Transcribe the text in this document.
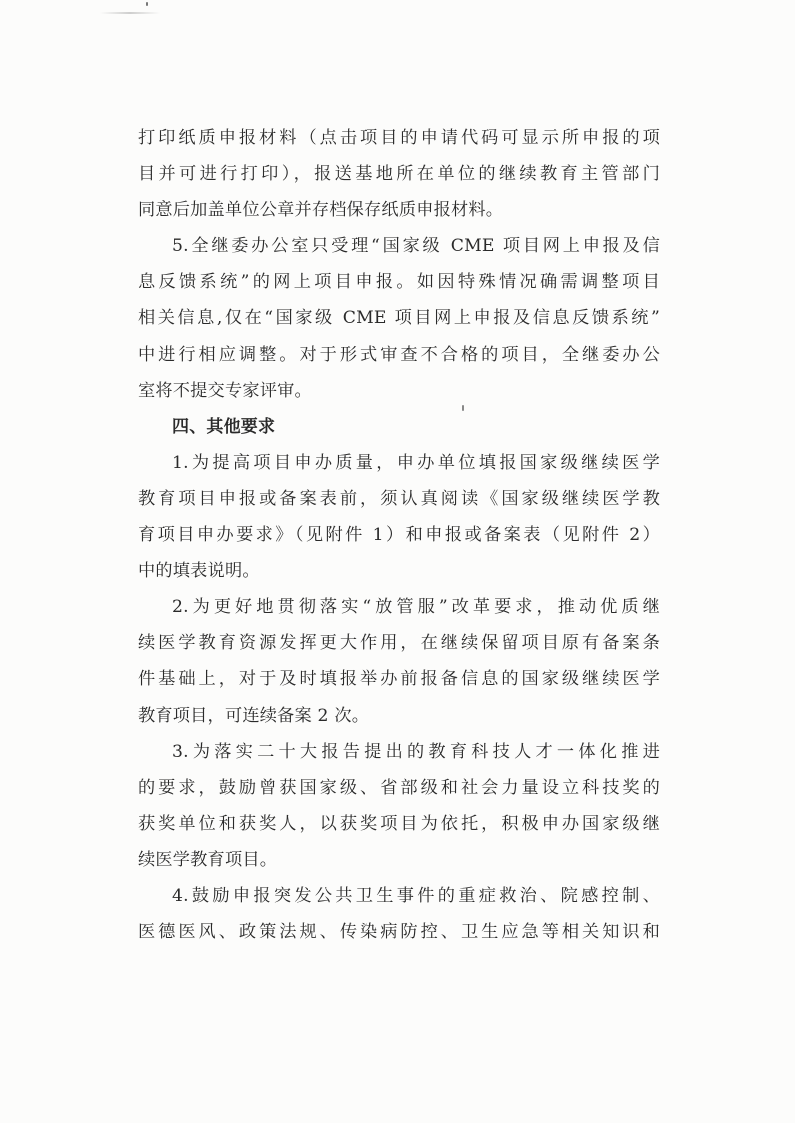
打印纸质申报材料（点击项目的申请代码可显示所申报的项
目并可进行打印），报送基地所在单位的继续教育主管部门
同意后加盖单位公章并存档保存纸质申报材料。
5.全继委办公室只受理“国家级 CME 项目网上申报及信
息反馈系统”的网上项目申报。如因特殊情况确需调整项目
相关信息,仅在“国家级 CME 项目网上申报及信息反馈系统”
中进行相应调整。对于形式审查不合格的项目，全继委办公
室将不提交专家评审。
四、其他要求
1.为提高项目申办质量，申办单位填报国家级继续医学
教育项目申报或备案表前，须认真阅读《国家级继续医学教
育项目申办要求》（见附件 1）和申报或备案表（见附件 2）
中的填表说明。
2.为更好地贯彻落实“放管服”改革要求，推动优质继
续医学教育资源发挥更大作用，在继续保留项目原有备案条
件基础上，对于及时填报举办前报备信息的国家级继续医学
教育项目，可连续备案 2 次。
3.为落实二十大报告提出的教育科技人才一体化推进
的要求，鼓励曾获国家级、省部级和社会力量设立科技奖的
获奖单位和获奖人，以获奖项目为依托，积极申办国家级继
续医学教育项目。
4.鼓励申报突发公共卫生事件的重症救治、院感控制、
医德医风、政策法规、传染病防控、卫生应急等相关知识和
